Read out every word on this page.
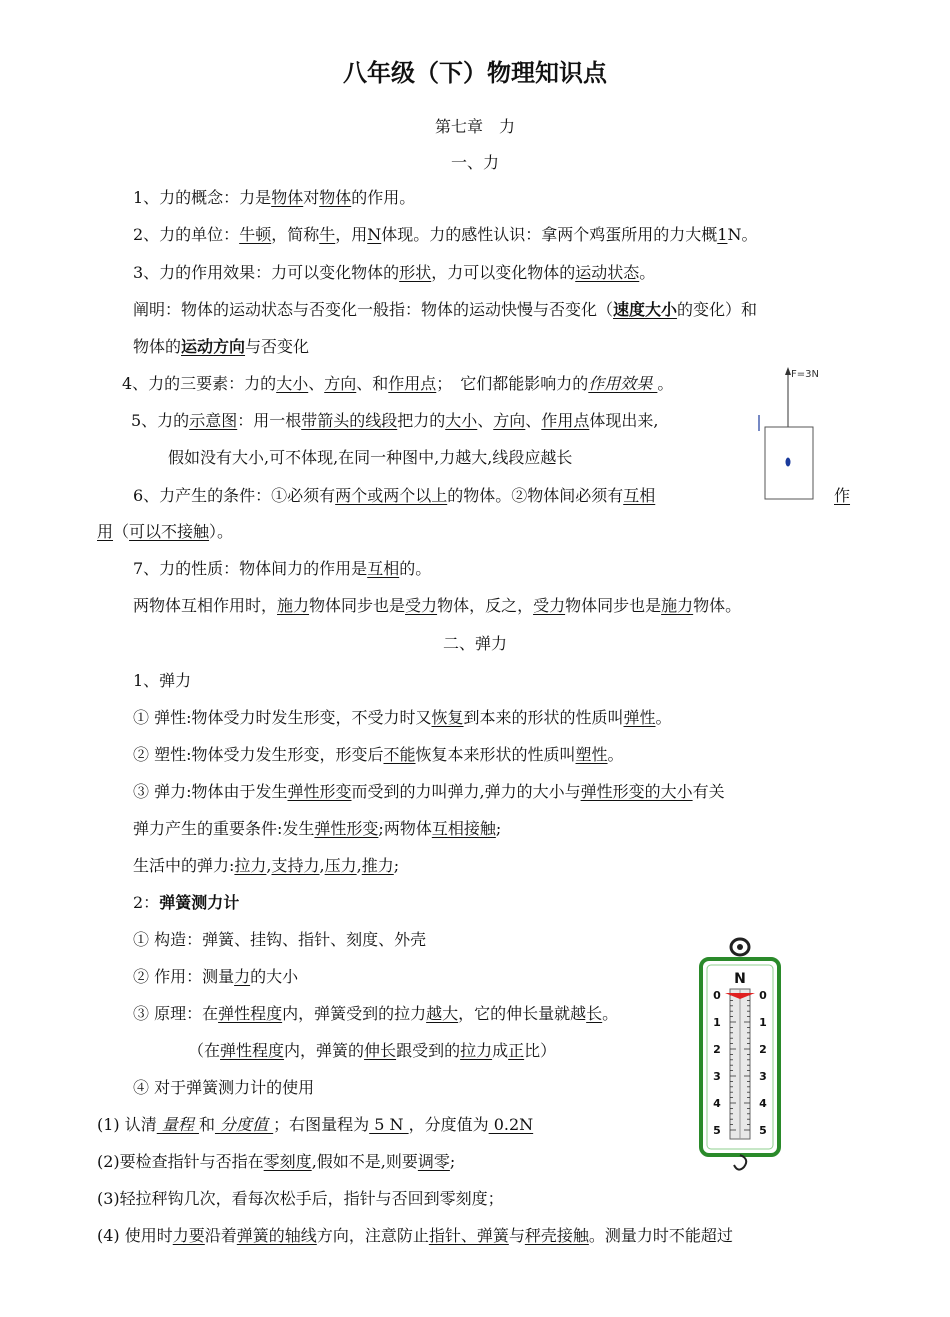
八年级（下）物理知识点
第七章　力
一、力
1、力的概念：力是物体对物体的作用。
2、力的单位：牛顿，简称牛，用N体现。力的感性认识：拿两个鸡蛋所用的力大概1N。
3、力的作用效果：力可以变化物体的形状，力可以变化物体的运动状态。
阐明：物体的运动状态与否变化一般指：物体的运动快慢与否变化（速度大小的变化）和
物体的运动方向与否变化
4、力的三要素：力的大小、方向、和作用点；　它们都能影响力的作用效果 。
5、力的示意图：用一根带箭头的线段把力的大小、方向、作用点体现出来,
假如没有大小,可不体现,在同一种图中,力越大,线段应越长
6、力产生的条件：①必须有两个或两个以上的物体。②物体间必须有互相	作
用（可以不接触）。
7、力的性质：物体间力的作用是互相的。
两物体互相作用时，施力物体同步也是受力物体，反之，受力物体同步也是施力物体。
二、弹力
1、弹力
① 弹性:物体受力时发生形变，不受力时又恢复到本来的形状的性质叫弹性。
② 塑性:物体受力发生形变，形变后不能恢复本来形状的性质叫塑性。
③ 弹力:物体由于发生弹性形变而受到的力叫弹力,弹力的大小与弹性形变的大小有关
弹力产生的重要条件:发生弹性形变;两物体互相接触;
生活中的弹力:拉力,支持力,压力,推力;
2：弹簧测力计
① 构造：弹簧、挂钩、指针、刻度、外壳
② 作用：测量力的大小
③ 原理：在弹性程度内，弹簧受到的拉力越大，它的伸长量就越长。
（在弹性程度内，弹簧的伸长跟受到的拉力成正比）
④ 对于弹簧测力计的使用
(1) 认清 量程 和 分度值 ；右图量程为 5 N ，分度值为 0.2N
(2)要检查指针与否指在零刻度,假如不是,则要调零;
(3)轻拉秤钩几次，看每次松手后，指针与否回到零刻度；
(4) 使用时力要沿着弹簧的轴线方向，注意防止指针、弹簧与秤壳接触。测量力时不能超过
F=3N
N
0	0
1	1
2	2
3	3
4	4
5	5
